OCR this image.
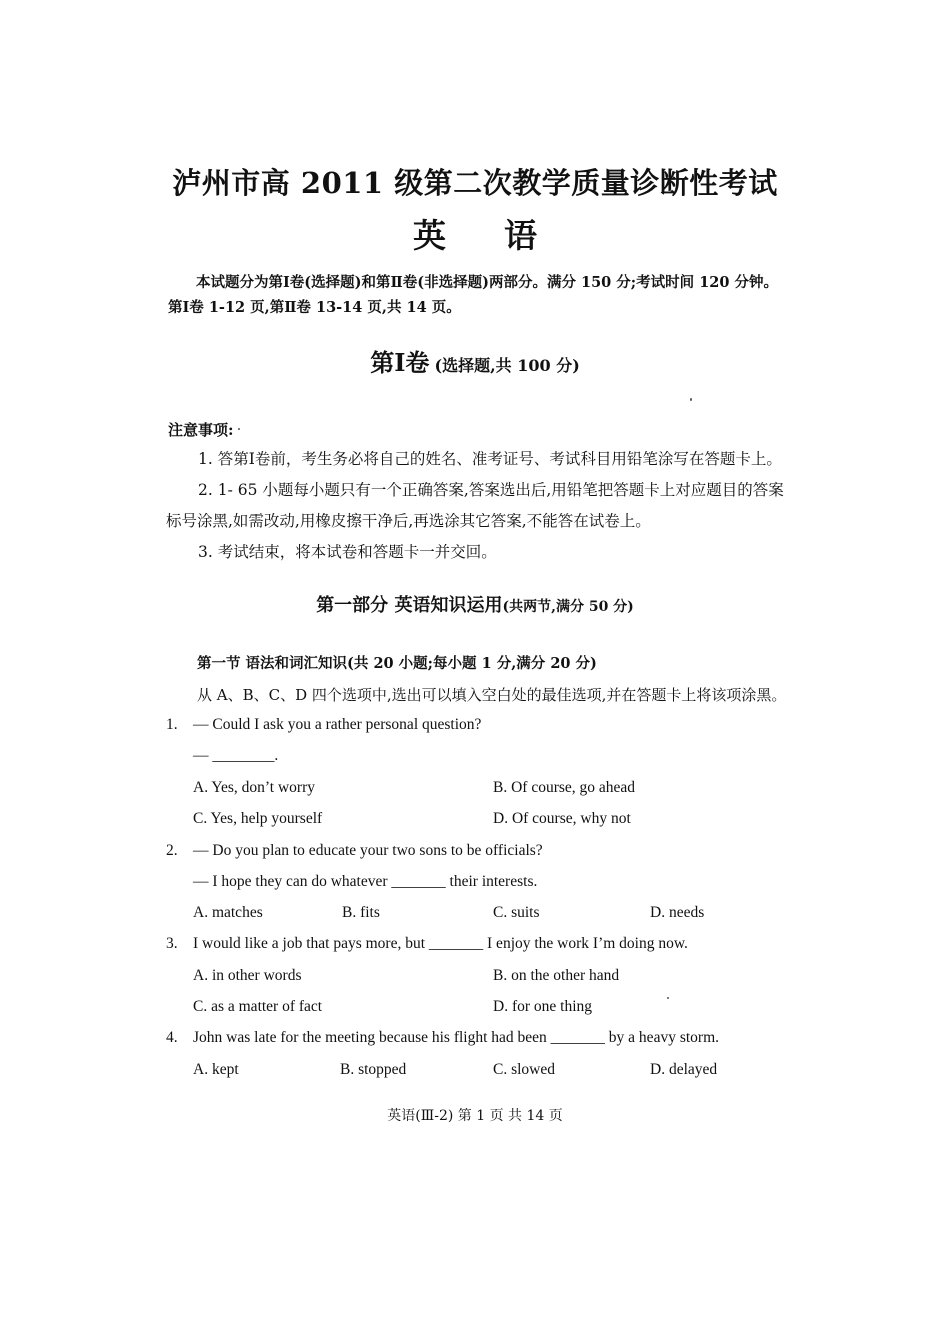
泸州市高 2011 级第二次教学质量诊断性考试
英语
本试题分为第Ⅰ卷(选择题)和第Ⅱ卷(非选择题)两部分。满分 150 分;考试时间 120 分钟。
第Ⅰ卷 1-12 页,第Ⅱ卷 13-14 页,共 14 页。
第Ⅰ卷 (选择题,共 100 分)
注意事项:
1. 答第Ⅰ卷前，考生务必将自己的姓名、准考证号、考试科目用铅笔涂写在答题卡上。
2. 1- 65 小题每小题只有一个正确答案,答案选出后,用铅笔把答题卡上对应题目的答案
标号涂黑,如需改动,用橡皮擦干净后,再选涂其它答案,不能答在试卷上。
3. 考试结束，将本试卷和答题卡一并交回。
第一部分 英语知识运用(共两节,满分 50 分)
第一节 语法和词汇知识(共 20 小题;每小题 1 分,满分 20 分)
从 A、B、C、D 四个选项中,选出可以填入空白处的最佳选项,并在答题卡上将该项涂黑。
1. — Could I ask you a rather personal question?
— ________.
A. Yes, don’t worry	B. Of course, go ahead
C. Yes, help yourself	D. Of course, why not
2. — Do you plan to educate your two sons to be officials?
— I hope they can do whatever _______ their interests.
A. matches	B. fits	C. suits	D. needs
3. I would like a job that pays more, but _______ I enjoy the work I’m doing now.
A. in other words	B. on the other hand
C. as a matter of fact	D. for one thing
4. John was late for the meeting because his flight had been _______ by a heavy storm.
A. kept	B. stopped	C. slowed	D. delayed
英语(Ⅲ-2) 第 1 页 共 14 页
